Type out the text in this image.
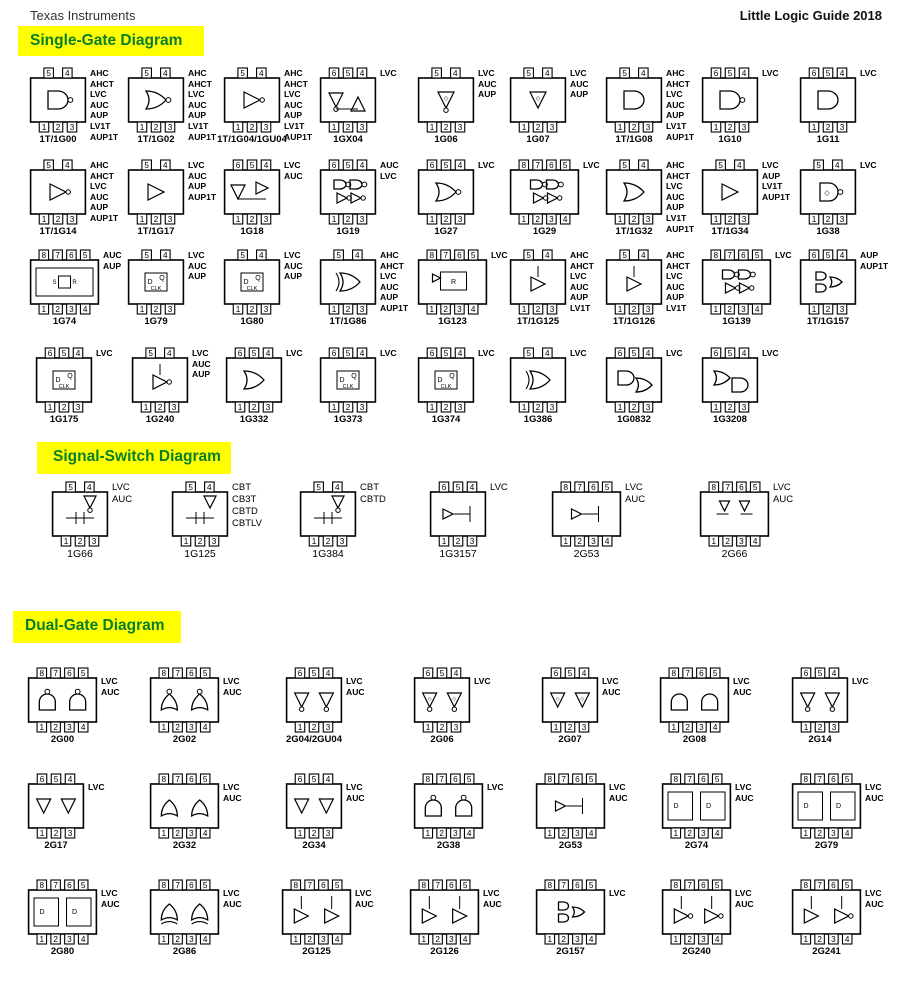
Texas Instruments	Little Logic Guide 2018
Single-Gate Diagram
Signal-Switch Diagram
Dual-Gate Diagram
5 4
1 2 3
1T/1G00
AHC
AHCT
LVC
AUC
AUP
LV1T
AUP1T
5 4
1 2 3
1T/1G02
AHC
AHCT
LVC
AUC
AUP
LV1T
AUP1T
5 4
1 2 3
1T/1G04/1GU04
AHC
AHCT
LVC
AUC
AUP
LV1T
AUP1T
6 5 4
1 2 3
1GX04
LVC	5 4
1 2 3
◇
1G06
LVC
AUC
AUP
5 4
1 2 3
◇
1G07
LVC
AUC
AUP
5 4
1 2 3
1T/1G08
AHC
AHCT
LVC
AUC
AUP
LV1T
AUP1T
6 5 4
1 2 3
1G10
LVC	6 5 4
1 2 3
1G11
LVC
5 4
1 2 3
1T/1G14
AHC
AHCT
LVC
AUC
AUP
AUP1T
5 4
1 2 3
1T/1G17
LVC
AUC
AUP
AUP1T
6 5 4
1 2 3
1G18
LVC
AUC
6 5 4
1 2 3
1G19
AUC
LVC
6 5 4
1 2 3
1G27
LVC	8 7 6 5
1 2 3 4
1G29
LVC	5 4
1 2 3
1T/1G32
AHC
AHCT
LVC
AUC
AUP
LV1T
AUP1T
5 4
1 2 3
1T/1G34
LVC
AUP
LV1T
AUP1T
5 4
1 2 3
◇
1G38
LVC
8 7 6 5
1 2 3 4
S	R
1G74
AUC
AUP
5 4
1 2 3
D
Q
CLK
1G79
LVC
AUC
AUP
5 4
1 2 3
D
Q
CLK
1G80
LVC
AUC
AUP
5 4
1 2 3
1T/1G86
AHC
AHCT
LVC
AUC
AUP
AUP1T
8 7 6 5
1 2 3 4
R
1G123
LVC 5 4
1 2 3
1T/1G125
AHC
AHCT
LVC
AUC
AUP
LV1T
5 4
1 2 3
1T/1G126
AHC
AHCT
LVC
AUC
AUP
LV1T
8 7 6 5
1 2 3 4
1G139
LVC 6 5 4
1 2 3
1T/1G157
AUP
AUP1T
6 5 4
1 2 3
D
Q
CLK
1G175
LVC	5 4
1 2 3
1G240
LVC
AUC
AUP
6 5 4
1 2 3
1G332
LVC	6 5 4
1 2 3
D
Q
CLK
1G373
LVC	6 5 4
1 2 3
D
Q
CLK
1G374
LVC	5 4
1 2 3
1G386
LVC	6 5 4
1 2 3
1G0832
LVC	6 5 4
1 2 3
1G3208
LVC
5 4
1 2 3
1G66
LVC
AUC
5 4
1 2 3
1G125
CBT
CB3T
CBTD
CBTLV
5 4
1 2 3
1G384
CBT
CBTD
6 5 4
1 2 3
1G3157
LVC	8 7 6 5
1 2 3 4
2G53
LVC
AUC
8 7 6 5
1 2 3 4
2G66
LVC
AUC
8 7 6 5
1 2 3 4
2G00
LVC
AUC
8 7 6 5
1 2 3 4
2G02
LVC
AUC
6 5 4
1 2 3
2G04/2GU04
LVC
AUC
6 5 4
1 2 3
◇	◇
2G06
LVC
6 5 4
1 2 3
◇	◇
2G07
LVC
AUC
8 7 6 5
1 2 3 4
2G08
LVC
AUC
6 5 4
1 2 3
2G14
LVC
6 5 4
1 2 3
2G17
LVC
8 7 6 5
1 2 3 4
2G32
LVC
AUC
6 5 4
1 2 3
2G34
LVC
AUC
8 7 6 5
1 2 3 4
2G38
LVC
8 7 6 5
1 2 3 4
2G53
LVC
AUC
8 7 6 5
1 2 3 4
D	D
2G74
LVC
AUC
8 7 6 5
1 2 3 4
D	D
2G79
LVC
AUC
8 7 6 5
1 2 3 4
D	D
2G80
LVC
AUC
8 7 6 5
1 2 3 4
2G86
LVC
AUC
8 7 6 5
1 2 3 4
2G125
LVC
AUC
8 7 6 5
1 2 3 4
2G126
LVC
AUC
8 7 6 5
1 2 3 4
2G157
LVC
8 7 6 5
1 2 3 4
2G240
LVC
AUC
8 7 6 5
1 2 3 4
2G241
LVC
AUC
